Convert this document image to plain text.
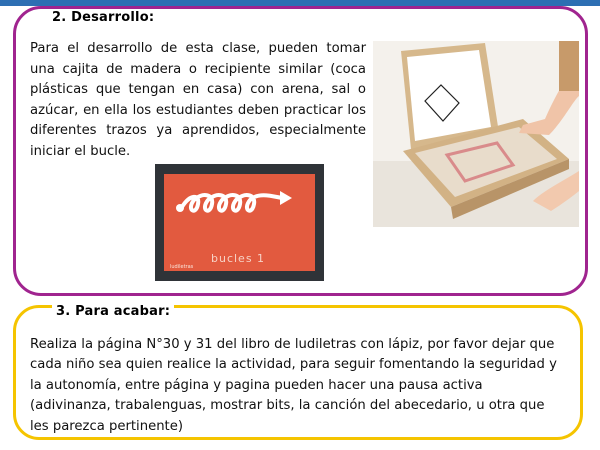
2. Desarrollo:
Para el desarrollo de esta clase, pueden tomar una cajita de madera o recipiente similar (coca plásticas que tengan en casa) con arena, sal o azúcar, en ella los estudiantes deben practicar los diferentes trazos ya aprendidos, especialmente iniciar el bucle.
bucles 1
ludiletras
3. Para acabar:
Realiza la página N°30 y 31 del libro de ludiletras con lápiz, por favor dejar que cada niño sea quien realice la actividad, para seguir fomentando la seguridad y la autonomía, entre página y pagina pueden hacer una pausa activa (adivinanza, trabalenguas, mostrar bits, la canción del abecedario, u otra que les parezca pertinente)
